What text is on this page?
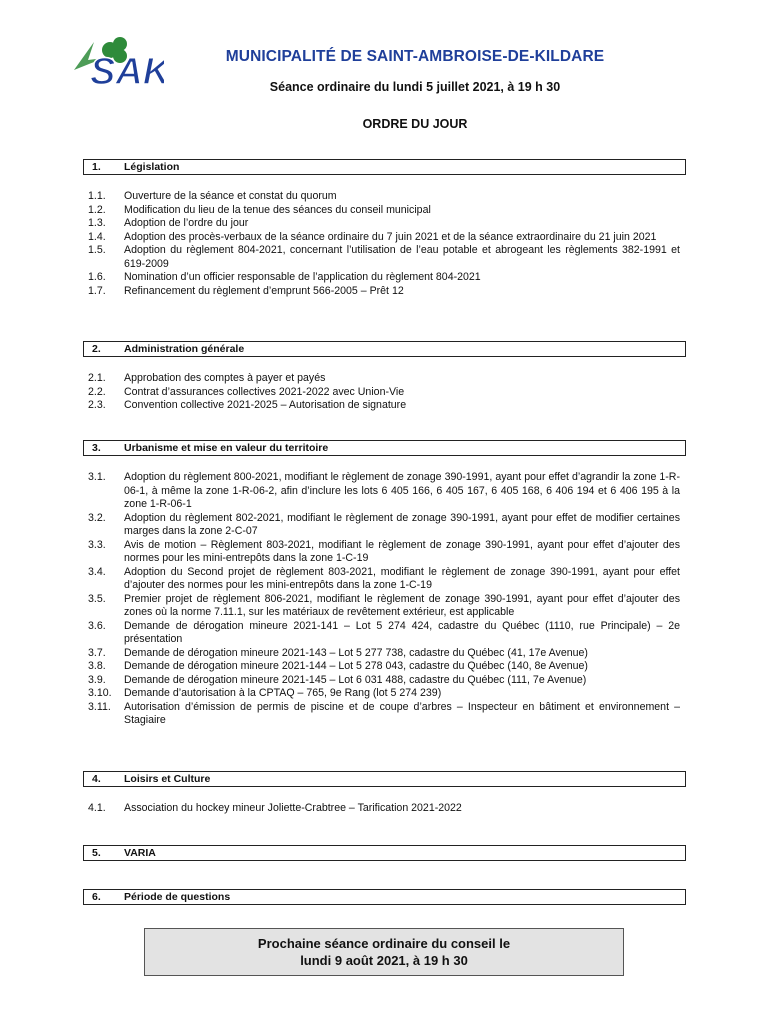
SAK	MUNICIPALITÉ DE SAINT-AMBROISE-DE-KILDARE
Séance ordinaire du lundi 5 juillet 2021, à 19 h 30
ORDRE DU JOUR
1. Législation
1.1.	Ouverture de la séance et constat du quorum
1.2.	Modification du lieu de la tenue des séances du conseil municipal
1.3.	Adoption de l’ordre du jour
1.4.	Adoption des procès-verbaux de la séance ordinaire du 7 juin 2021 et de la séance extraordinaire du 21 juin 2021
1.5.	Adoption du règlement 804-2021, concernant l’utilisation de l’eau potable et abrogeant les règlements 382-1991 et 619-2009
1.6.	Nomination d’un officier responsable de l’application du règlement 804-2021
1.7.	Refinancement du règlement d’emprunt 566-2005 – Prêt 12
2. Administration générale
2.1.	Approbation des comptes à payer et payés
2.2.	Contrat d’assurances collectives 2021-2022 avec Union-Vie
2.3.	Convention collective 2021-2025 – Autorisation de signature
3. Urbanisme et mise en valeur du territoire
3.1.	Adoption du règlement 800-2021, modifiant le règlement de zonage 390-1991, ayant pour effet d’agrandir la zone 1-R-06-1, à même la zone 1-R-06-2, afin d’inclure les lots 6 405 166, 6 405 167, 6 405 168, 6 406 194 et 6 406 195 à la zone 1-R-06-1
3.2.	Adoption du règlement 802-2021, modifiant le règlement de zonage 390-1991, ayant pour effet de modifier certaines marges dans la zone 2-C-07
3.3.	Avis de motion – Règlement 803-2021, modifiant le règlement de zonage 390-1991, ayant pour effet d’ajouter des normes pour les mini-entrepôts dans la zone 1-C-19
3.4.	Adoption du Second projet de règlement 803-2021, modifiant le règlement de zonage 390-1991, ayant pour effet d’ajouter des normes pour les mini-entrepôts dans la zone 1-C-19
3.5.	Premier projet de règlement 806-2021, modifiant le règlement de zonage 390-1991, ayant pour effet d’ajouter des zones où la norme 7.11.1, sur les matériaux de revêtement extérieur, est applicable
3.6.	Demande de dérogation mineure 2021-141 – Lot 5 274 424, cadastre du Québec (1110, rue Principale) – 2e présentation
3.7.	Demande de dérogation mineure 2021-143 – Lot 5 277 738, cadastre du Québec (41, 17e Avenue)
3.8.	Demande de dérogation mineure 2021-144 – Lot 5 278 043, cadastre du Québec (140, 8e Avenue)
3.9.	Demande de dérogation mineure 2021-145 – Lot 6 031 488, cadastre du Québec (111, 7e Avenue)
3.10.	Demande d’autorisation à la CPTAQ – 765, 9e Rang (lot 5 274 239)
3.11.	Autorisation d’émission de permis de piscine et de coupe d’arbres – Inspecteur en bâtiment et environnement – Stagiaire
4. Loisirs et Culture
4.1.	Association du hockey mineur Joliette-Crabtree – Tarification 2021-2022
5. VARIA
6. Période de questions
Prochaine séance ordinaire du conseil le
lundi 9 août 2021, à 19 h 30
